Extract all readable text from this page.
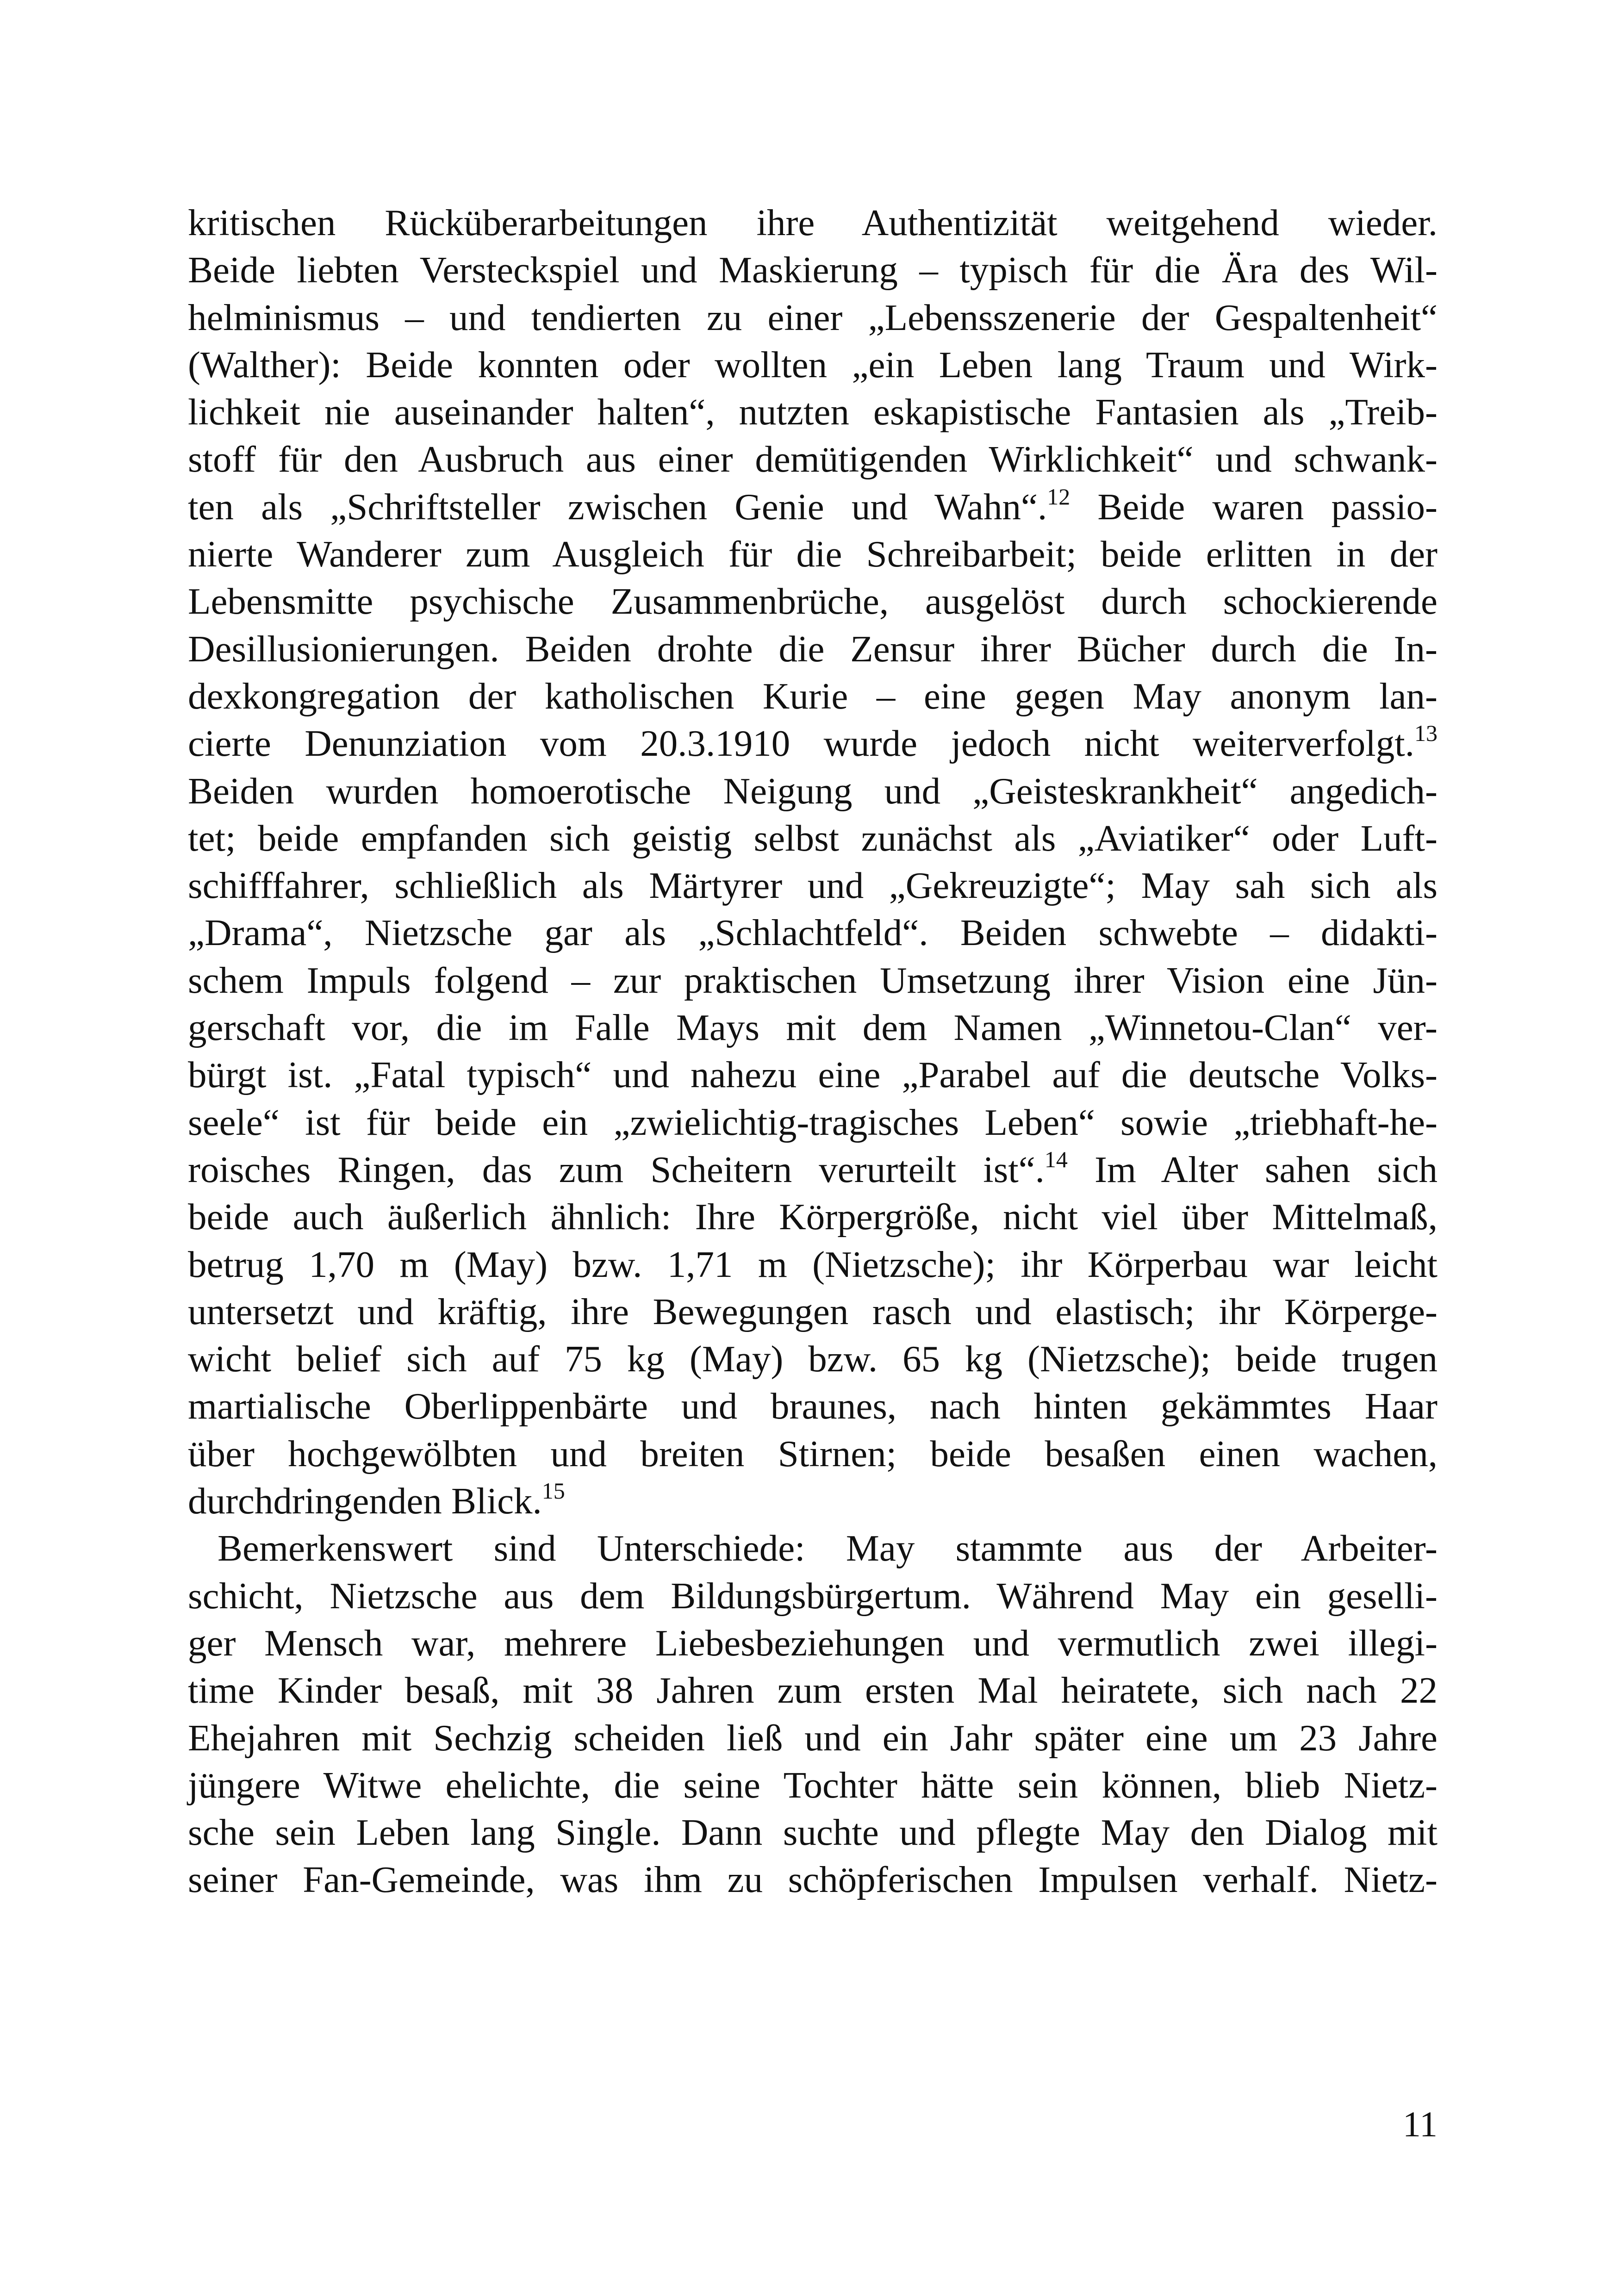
kritischen Rücküberarbeitungen ihre Authentizität weitgehend wieder.
Beide liebten Versteckspiel und Maskierung – typisch für die Ära des Wil-
helminismus – und tendierten zu einer „Lebensszenerie der Gespaltenheit“
(Walther): Beide konnten oder wollten „ein Leben lang Traum und Wirk-
lichkeit nie auseinander halten“, nutzten eskapistische Fantasien als „Treib-
stoff für den Ausbruch aus einer demütigenden Wirklichkeit“ und schwank-
ten als „Schriftsteller zwischen Genie und Wahn“.$^{12}$ Beide waren passio-
nierte Wanderer zum Ausgleich für die Schreibarbeit; beide erlitten in der
Lebensmitte psychische Zusammenbrüche, ausgelöst durch schockierende
Desillusionierungen. Beiden drohte die Zensur ihrer Bücher durch die In-
dexkongregation der katholischen Kurie – eine gegen May anonym lan-
cierte Denunziation vom 20.3.1910 wurde jedoch nicht weiterverfolgt.$^{13}$
Beiden wurden homoerotische Neigung und „Geisteskrankheit“ angedich-
tet; beide empfanden sich geistig selbst zunächst als „Aviatiker“ oder Luft-
schifffahrer, schließlich als Märtyrer und „Gekreuzigte“; May sah sich als
„Drama“, Nietzsche gar als „Schlachtfeld“. Beiden schwebte – didakti-
schem Impuls folgend – zur praktischen Umsetzung ihrer Vision eine Jün-
gerschaft vor, die im Falle Mays mit dem Namen „Winnetou-Clan“ ver-
bürgt ist. „Fatal typisch“ und nahezu eine „Parabel auf die deutsche Volks-
seele“ ist für beide ein „zwielichtig-tragisches Leben“ sowie „triebhaft-he-
roisches Ringen, das zum Scheitern verurteilt ist“.$^{14}$ Im Alter sahen sich
beide auch äußerlich ähnlich: Ihre Körpergröße, nicht viel über Mittelmaß,
betrug 1,70 m (May) bzw. 1,71 m (Nietzsche); ihr Körperbau war leicht
untersetzt und kräftig, ihre Bewegungen rasch und elastisch; ihr Körperge-
wicht belief sich auf 75 kg (May) bzw. 65 kg (Nietzsche); beide trugen
martialische Oberlippenbärte und braunes, nach hinten gekämmtes Haar
über hochgewölbten und breiten Stirnen; beide besaßen einen wachen,
durchdringenden Blick.$^{15}$
Bemerkenswert sind Unterschiede: May stammte aus der Arbeiter-
schicht, Nietzsche aus dem Bildungsbürgertum. Während May ein geselli-
ger Mensch war, mehrere Liebesbeziehungen und vermutlich zwei illegi-
time Kinder besaß, mit 38 Jahren zum ersten Mal heiratete, sich nach 22
Ehejahren mit Sechzig scheiden ließ und ein Jahr später eine um 23 Jahre
jüngere Witwe ehelichte, die seine Tochter hätte sein können, blieb Nietz-
sche sein Leben lang Single. Dann suchte und pflegte May den Dialog mit
seiner Fan-Gemeinde, was ihm zu schöpferischen Impulsen verhalf. Nietz-
11
